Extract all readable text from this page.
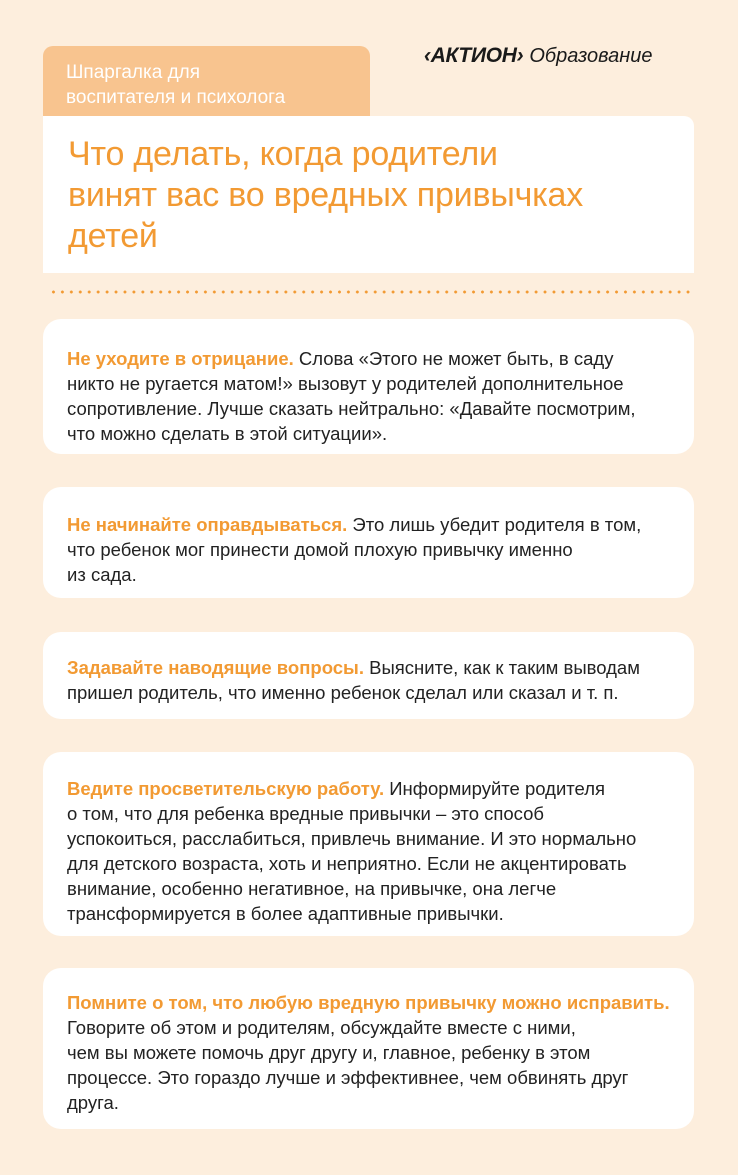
Шпаргалка для
воспитателя и психолога
‹АКТИОН› Образование
Что делать, когда родители
винят вас во вредных привычках
детей

Не уходите в отрицание. Слова «Этого не может быть, в саду
никто не ругается матом!» вызовут у родителей дополнительное
сопротивление. Лучше сказать нейтрально: «Давайте посмотрим,
что можно сделать в этой ситуации».

Не начинайте оправдываться. Это лишь убедит родителя в том,
что ребенок мог принести домой плохую привычку именно
из сада.

Задавайте наводящие вопросы. Выясните, как к таким выводам
пришел родитель, что именно ребенок сделал или сказал и т. п.

Ведите просветительскую работу. Информируйте родителя
о том, что для ребенка вредные привычки – это способ
успокоиться, расслабиться, привлечь внимание. И это нормально
для детского возраста, хоть и неприятно. Если не акцентировать
внимание, особенно негативное, на привычке, она легче
трансформируется в более адаптивные привычки.

Помните о том, что любую вредную привычку можно исправить.
Говорите об этом и родителям, обсуждайте вместе с ними,
чем вы можете помочь друг другу и, главное, ребенку в этом
процессе. Это гораздо лучше и эффективнее, чем обвинять друг
друга.
